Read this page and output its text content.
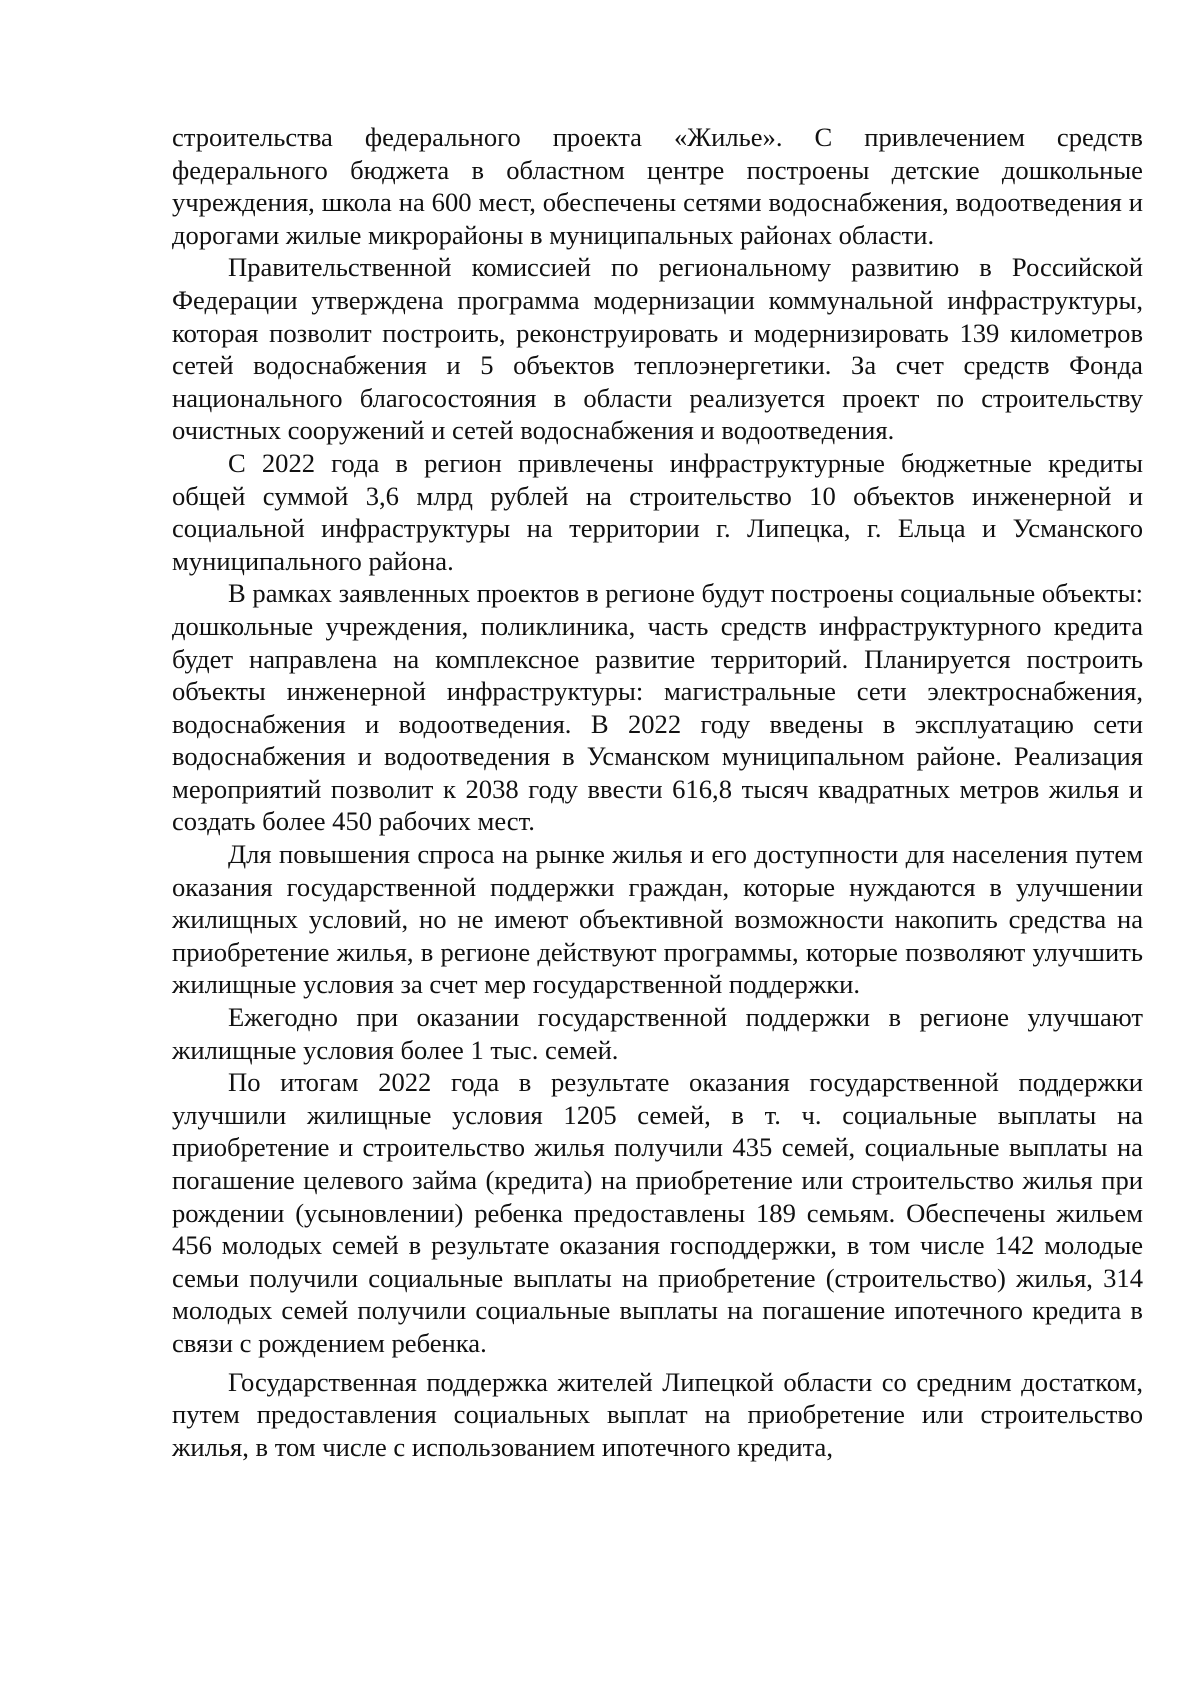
строительства федерального проекта «Жилье». С привлечением средств федерального бюджета в областном центре построены детские дошкольные учреждения, школа на 600 мест, обеспечены сетями водоснабжения, водоотведения и дорогами жилые микрорайоны в муниципальных районах области.

Правительственной комиссией по региональному развитию в Российской Федерации утверждена программа модернизации коммунальной инфраструктуры, которая позволит построить, реконструировать и модернизировать 139 километров сетей водоснабжения и 5 объектов теплоэнергетики. За счет средств Фонда национального благосостояния в области реализуется проект по строительству очистных сооружений и сетей водоснабжения и водоотведения.

С 2022 года в регион привлечены инфраструктурные бюджетные кредиты общей суммой 3,6 млрд рублей на строительство 10 объектов инженерной и социальной инфраструктуры на территории г. Липецка, г. Ельца и Усманского муниципального района.

В рамках заявленных проектов в регионе будут построены социальные объекты: дошкольные учреждения, поликлиника, часть средств инфраструктурного кредита будет направлена на комплексное развитие территорий. Планируется построить объекты инженерной инфраструктуры: магистральные сети электроснабжения, водоснабжения и водоотведения. В 2022 году введены в эксплуатацию сети водоснабжения и водоотведения в Усманском муниципальном районе. Реализация мероприятий позволит к 2038 году ввести 616,8 тысяч квадратных метров жилья и создать более 450 рабочих мест.

Для повышения спроса на рынке жилья и его доступности для населения путем оказания государственной поддержки граждан, которые нуждаются в улучшении жилищных условий, но не имеют объективной возможности накопить средства на приобретение жилья, в регионе действуют программы, которые позволяют улучшить жилищные условия за счет мер государственной поддержки.

Ежегодно при оказании государственной поддержки в регионе улучшают жилищные условия более 1 тыс. семей.

По итогам 2022 года в результате оказания государственной поддержки улучшили жилищные условия 1205 семей, в т. ч. социальные выплаты на приобретение и строительство жилья получили 435 семей, социальные выплаты на погашение целевого займа (кредита) на приобретение или строительство жилья при рождении (усыновлении) ребенка предоставлены 189 семьям. Обеспечены жильем 456 молодых семей в результате оказания господдержки, в том числе 142 молодые семьи получили социальные выплаты на приобретение (строительство) жилья, 314 молодых семей получили социальные выплаты на погашение ипотечного кредита в связи с рождением ребенка.

Государственная поддержка жителей Липецкой области со средним достатком, путем предоставления социальных выплат на приобретение или строительство жилья, в том числе с использованием ипотечного кредита,
